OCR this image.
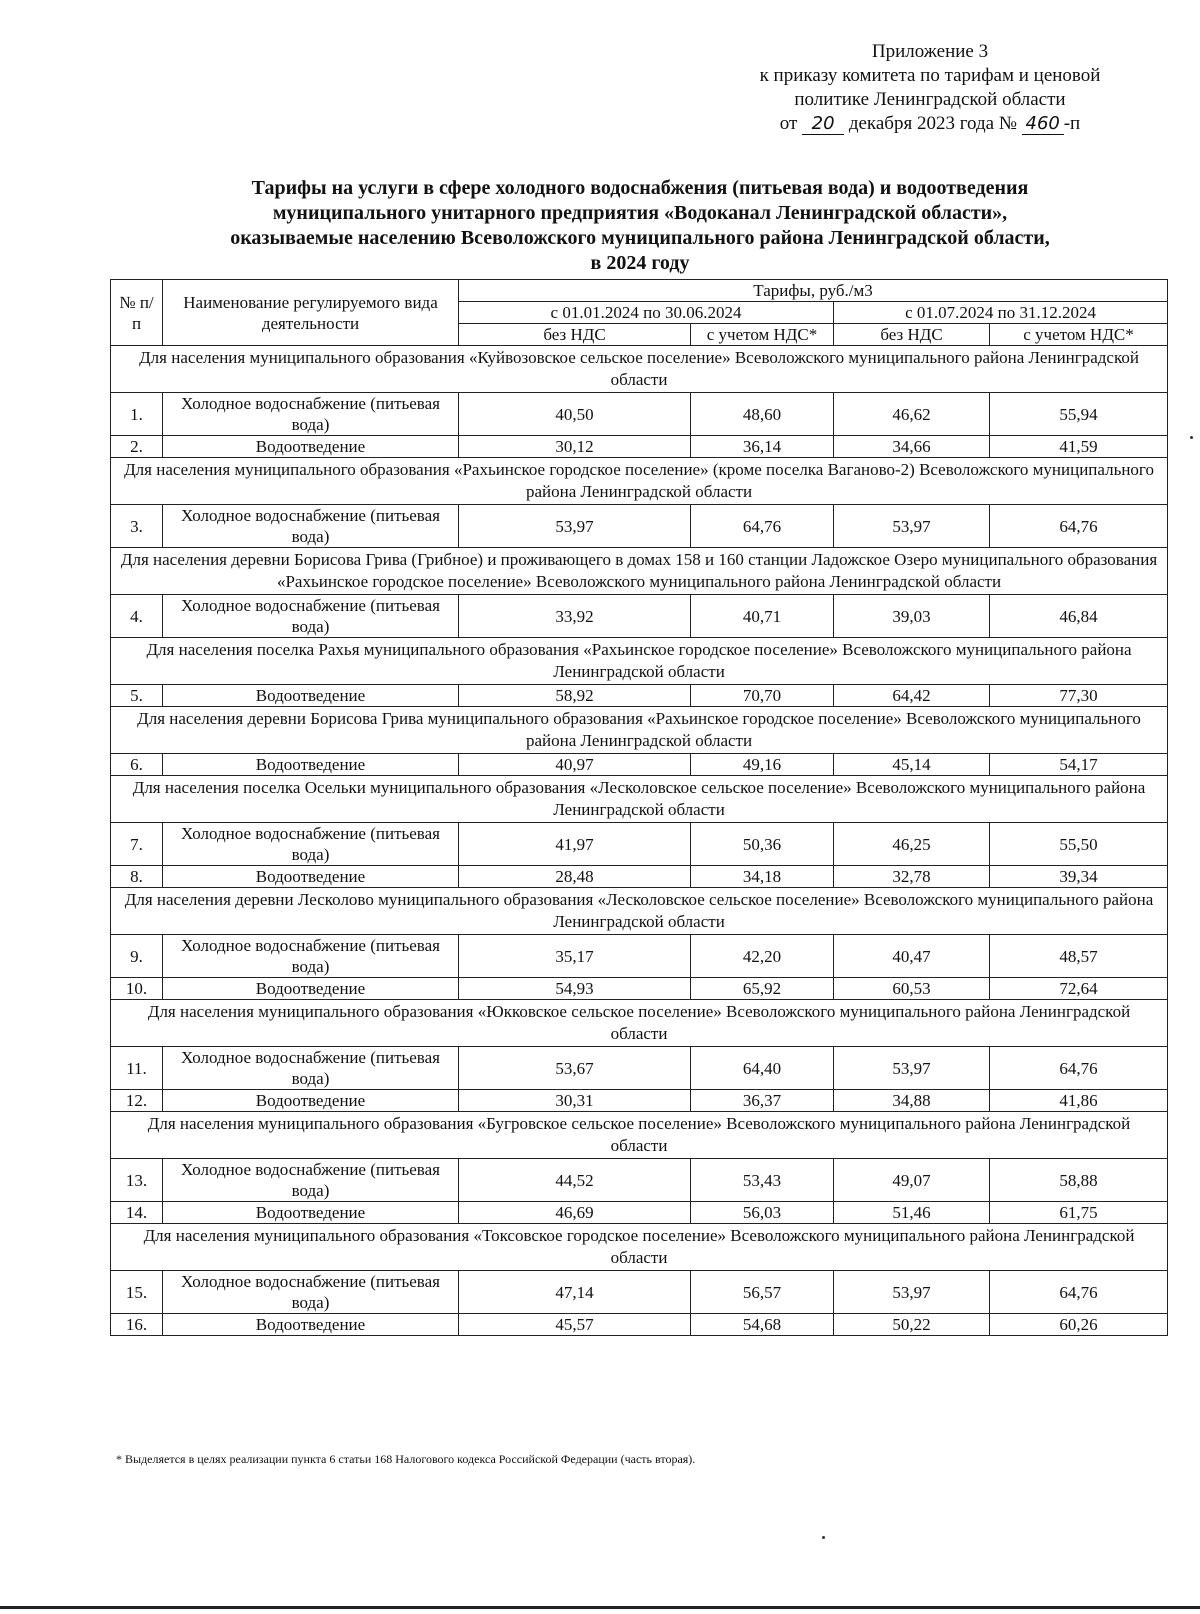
Приложение 3
к приказу комитета по тарифам и ценовой
политике Ленинградской области
от 20 декабря 2023 года № 460 -п
Тарифы на услуги в сфере холодного водоснабжения (питьевая вода) и водоотведения
муниципального унитарного предприятия «Водоканал Ленинградской области»,
оказываемые населению Всеволожского муниципального района Ленинградской области,
в 2024 году
№ п/п	Наименование регулируемого вида деятельности	Тарифы, руб./м3			
		с 01.01.2024 по 30.06.2024		с 01.07.2024 по 31.12.2024	
		без НДС	с учетом НДС*	без НДС	с учетом НДС*
Для населения муниципального образования «Куйвозовское сельское поселение» Всеволожского муниципального района Ленинградской области					
1.	Холодное водоснабжение (питьевая вода)	40,50	48,60	46,62	55,94
2.	Водоотведение	30,12	36,14	34,66	41,59
Для населения муниципального образования «Рахьинское городское поселение» (кроме поселка Ваганово-2) Всеволожского муниципального района Ленинградской области					
3.	Холодное водоснабжение (питьевая вода)	53,97	64,76	53,97	64,76
Для населения деревни Борисова Грива (Грибное) и проживающего в домах 158 и 160 станции Ладожское Озеро муниципального образования «Рахьинское городское поселение» Всеволожского муниципального района Ленинградской области					
4.	Холодное водоснабжение (питьевая вода)	33,92	40,71	39,03	46,84
Для населения поселка Рахья муниципального образования «Рахьинское городское поселение» Всеволожского муниципального района Ленинградской области					
5.	Водоотведение	58,92	70,70	64,42	77,30
Для населения деревни Борисова Грива муниципального образования «Рахьинское городское поселение» Всеволожского муниципального района Ленинградской области					
6.	Водоотведение	40,97	49,16	45,14	54,17
Для населения поселка Осельки муниципального образования «Лесколовское сельское поселение» Всеволожского муниципального района Ленинградской области					
7.	Холодное водоснабжение (питьевая вода)	41,97	50,36	46,25	55,50
8.	Водоотведение	28,48	34,18	32,78	39,34
Для населения деревни Лесколово муниципального образования «Лесколовское сельское поселение» Всеволожского муниципального района Ленинградской области					
9.	Холодное водоснабжение (питьевая вода)	35,17	42,20	40,47	48,57
10.	Водоотведение	54,93	65,92	60,53	72,64
Для населения муниципального образования «Юкковское сельское поселение» Всеволожского муниципального района Ленинградской области					
11.	Холодное водоснабжение (питьевая вода)	53,67	64,40	53,97	64,76
12.	Водоотведение	30,31	36,37	34,88	41,86
Для населения муниципального образования «Бугровское сельское поселение» Всеволожского муниципального района Ленинградской области					
13.	Холодное водоснабжение (питьевая вода)	44,52	53,43	49,07	58,88
14.	Водоотведение	46,69	56,03	51,46	61,75
Для населения муниципального образования «Токсовское городское поселение» Всеволожского муниципального района Ленинградской области					
15.	Холодное водоснабжение (питьевая вода)	47,14	56,57	53,97	64,76
16.	Водоотведение	45,57	54,68	50,22	60,26
* Выделяется в целях реализации пункта 6 статьи 168 Налогового кодекса Российской Федерации (часть вторая).
